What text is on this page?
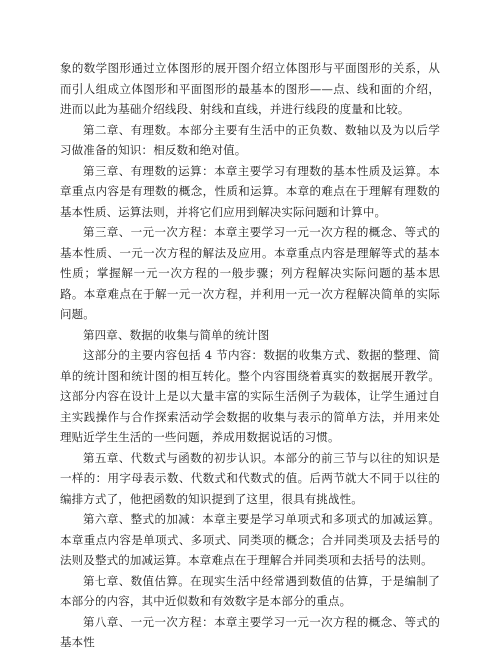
象的数学图形通过立体图形的展开图介绍立体图形与平面图形的关系，从而引人组成立体图形和平面图形的最基本的图形——点、线和面的介绍，进而以此为基础介绍线段、射线和直线，并进行线段的度量和比较。

第二章、有理数。本部分主要有生活中的正负数、数轴以及为以后学习做准备的知识：相反数和绝对值。

第三章、有理数的运算：本章主要学习有理数的基本性质及运算。本章重点内容是有理数的概念，性质和运算。本章的难点在于理解有理数的基本性质、运算法则，并将它们应用到解决实际问题和计算中。

第三章、一元一次方程：本章主要学习一元一次方程的概念、等式的基本性质、一元一次方程的解法及应用。本章重点内容是理解等式的基本性质；掌握解一元一次方程的一般步骤；列方程解决实际问题的基本思路。本章难点在于解一元一次方程，并利用一元一次方程解决简单的实际问题。

第四章、数据的收集与简单的统计图

这部分的主要内容包括 4 节内容：数据的收集方式、数据的整理、简单的统计图和统计图的相互转化。整个内容围绕着真实的数据展开教学。这部分内容在设计上是以大量丰富的实际生活例子为载体，让学生通过自主实践操作与合作探索活动学会数据的收集与表示的简单方法，并用来处理贴近学生生活的一些问题，养成用数据说话的习惯。

第五章、代数式与函数的初步认识。本部分的前三节与以往的知识是一样的：用字母表示数、代数式和代数式的值。后两节就大不同于以往的编排方式了，他把函数的知识提到了这里，很具有挑战性。

第六章、整式的加减：本章主要是学习单项式和多项式的加减运算。本章重点内容是单项式、多项式、同类项的概念；合并同类项及去括号的法则及整式的加减运算。本章难点在于理解合并同类项和去括号的法则。

第七章、数值估算。在现实生活中经常遇到数值的估算，于是编制了本部分的内容，其中近似数和有效数字是本部分的重点。

第八章、一元一次方程：本章主要学习一元一次方程的概念、等式的基本性
